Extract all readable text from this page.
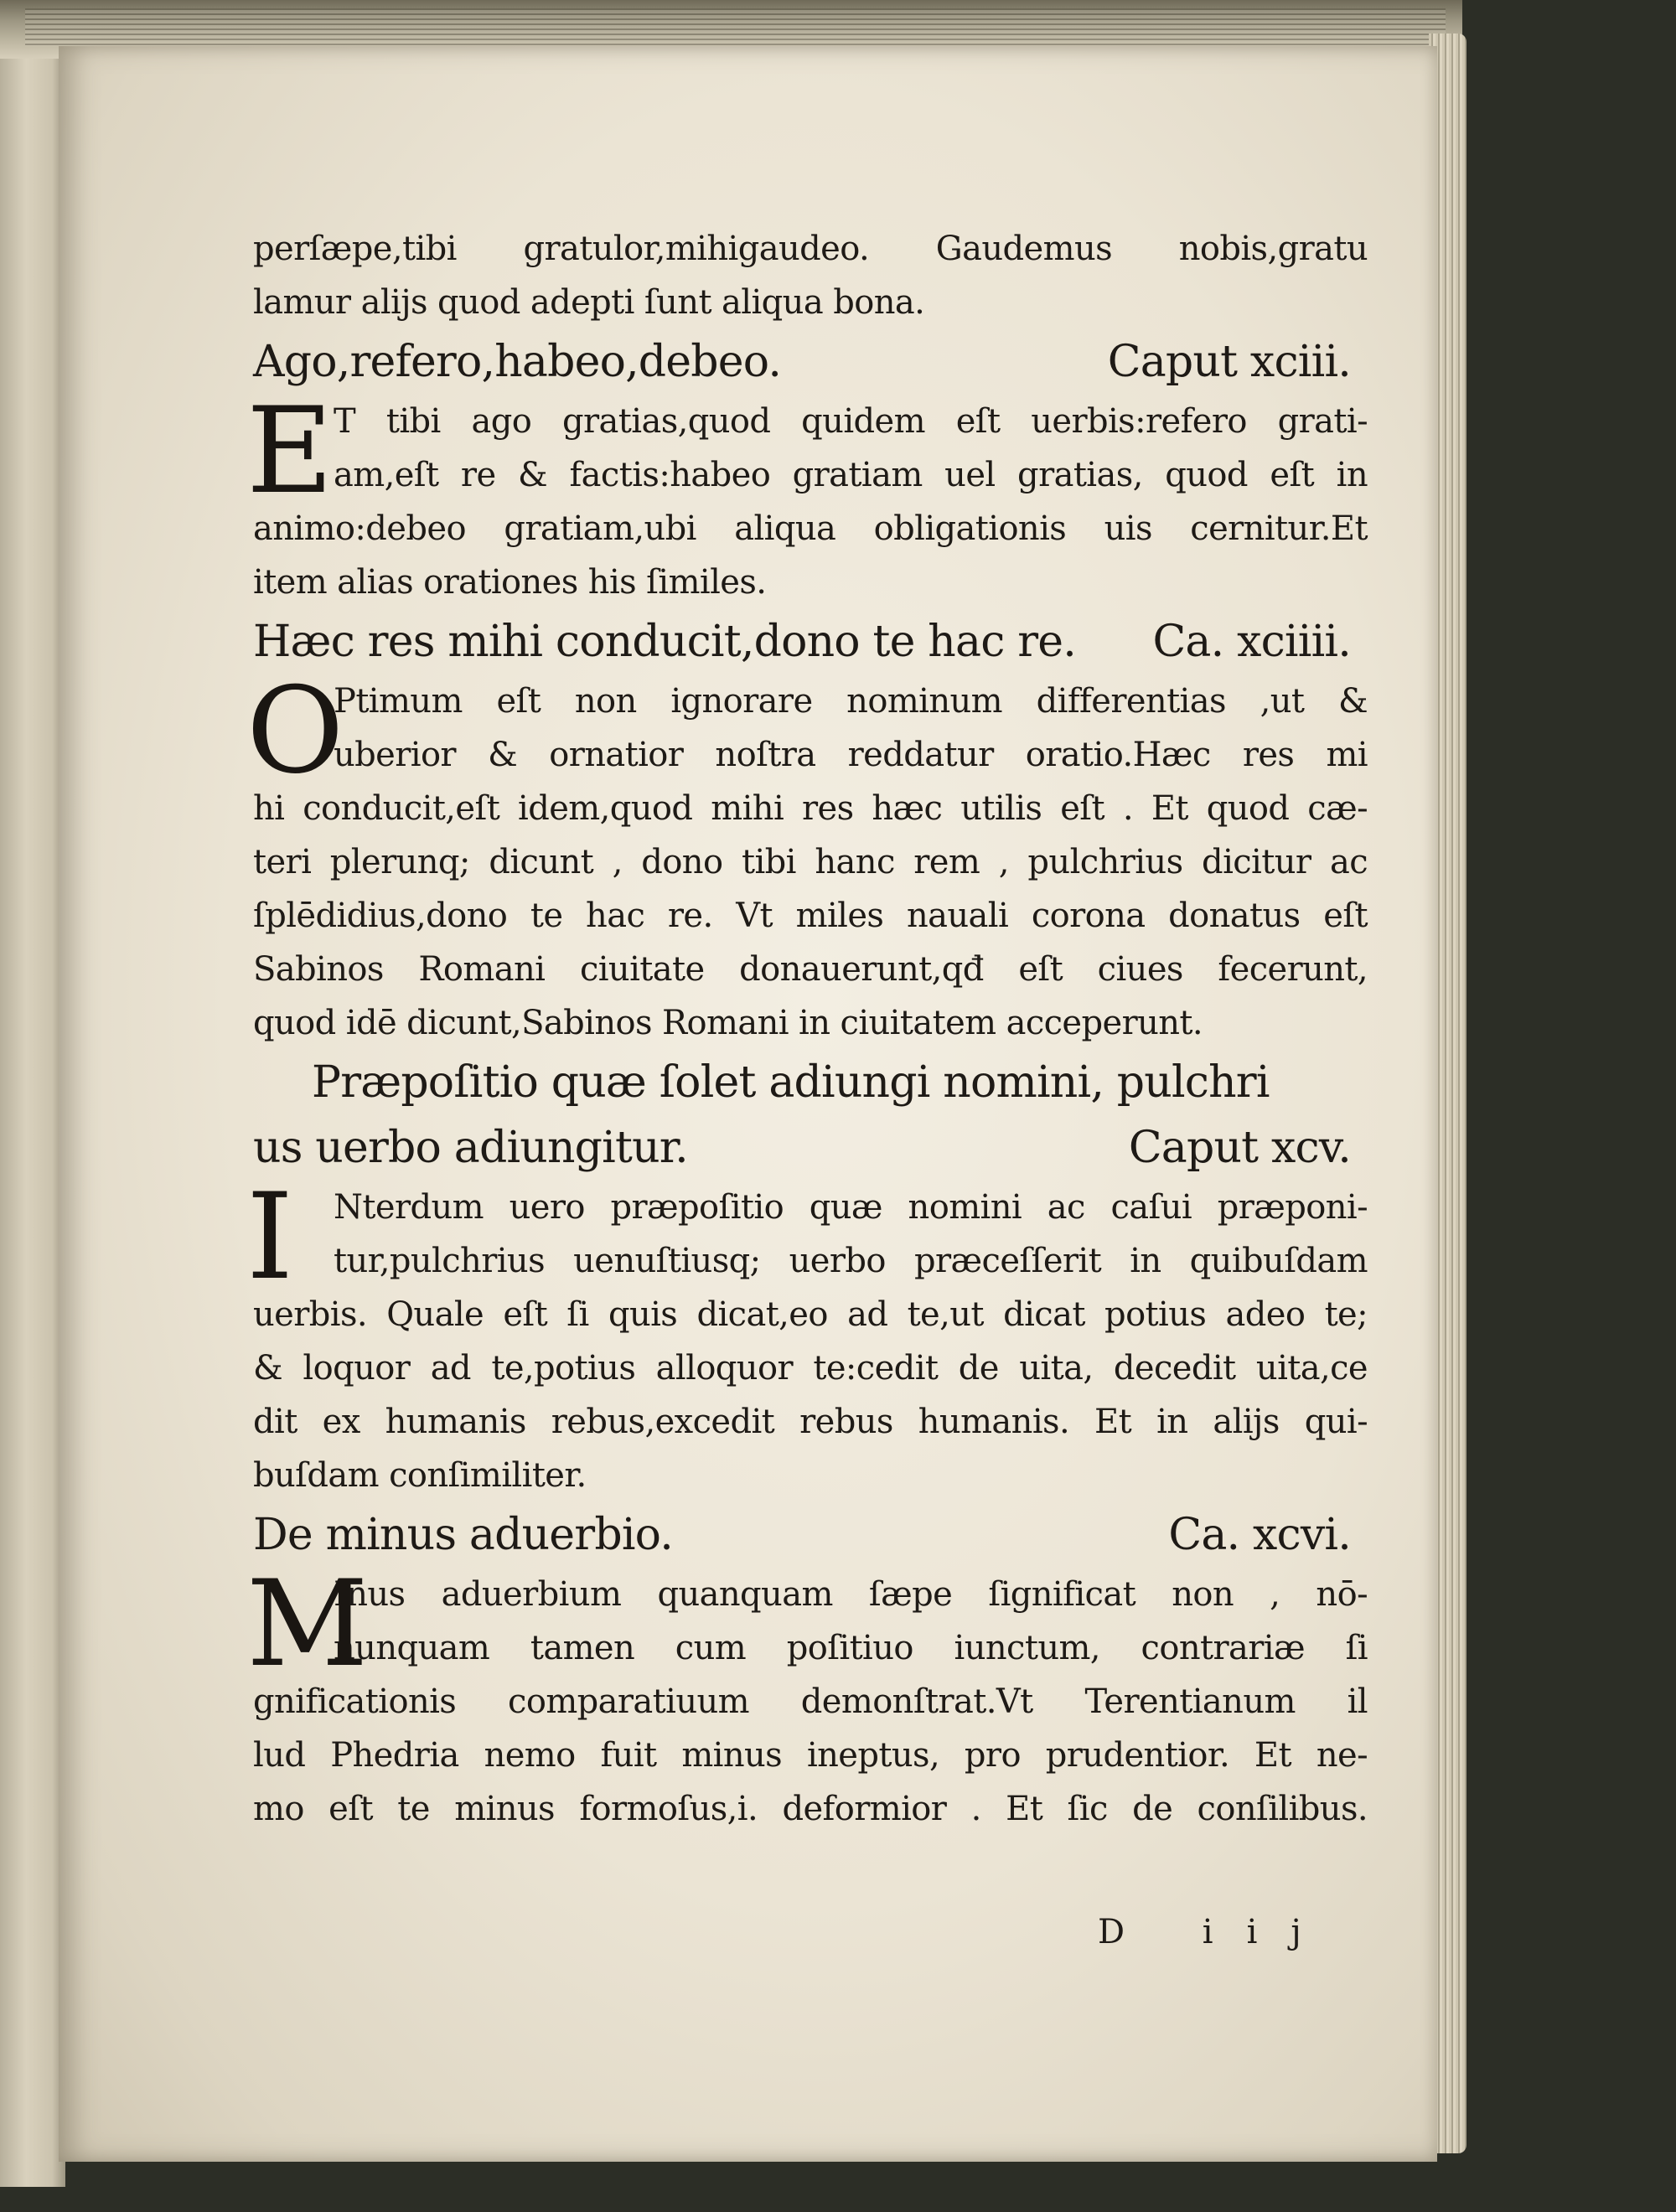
perſæpe,tibi gratulor,mihigaudeo. Gaudemus nobis,gratu
lamur aliјs quod adepti ſunt aliqua bona.
Ago,refero,habeo,debeo.	Caput xciii.
E T tibi ago gratias,quod quidem eſt uerbis:refero grati-
am,eſt re & factis:habeo gratiam uel gratias, quod eſt in
animo:debeo gratiam,ubi aliqua obligationis uis cernitur.Et
item alias orationes his ſimiles.
Hæc res mihi conducit,dono te hac re. Ca. xciiii.
O
Ptimum eſt non ignorare nominum differentias ,ut &
uberior & ornatior noſtra reddatur oratio.Hæc res mi
hi conducit,eſt idem,quod mihi res hæc utilis eſt . Et quod cæ-
teri plerunq; dicunt , dono tibi hanc rem , pulchrius dicitur ac
ſplēdidius,dono te hac re. Vt miles nauali corona donatus eſt
Sabinos Romani ciuitate donauerunt,qđ eſt ciues fecerunt,
quod idē dicunt,Sabinos Romani in ciuitatem acceperunt.
Præpoſitio quæ ſolet adiungi nomini, pulchri
us uerbo adiungitur.	Caput xcv.
I	Nterdum uero præpoſitio quæ nomini ac caſui præponi-
tur,pulchrius uenuſtiusq; uerbo præceſſerit in quibuſdam
uerbis. Quale eſt ſi quis dicat,eo ad te,ut dicat potius adeo te;
& loquor ad te,potius alloquor te:cedit de uita, decedit uita,ce
dit ex humanis rebus,excedit rebus humanis. Et in aliјs qui-
buſdam conſimiliter.
De minus aduerbio.	Ca. xcvi.
M
Inus aduerbium quanquam ſæpe ſignificat non , nō-
nunquam tamen cum poſitiuo iunctum, contrariæ ſi
gnificationis comparatiuum demonſtrat.Vt Terentianum il
lud Phedria nemo fuit minus ineptus, pro prudentior. Et ne-
mo eſt te minus formoſus,i. deformior . Et ſic de conſilibus.
D iij
